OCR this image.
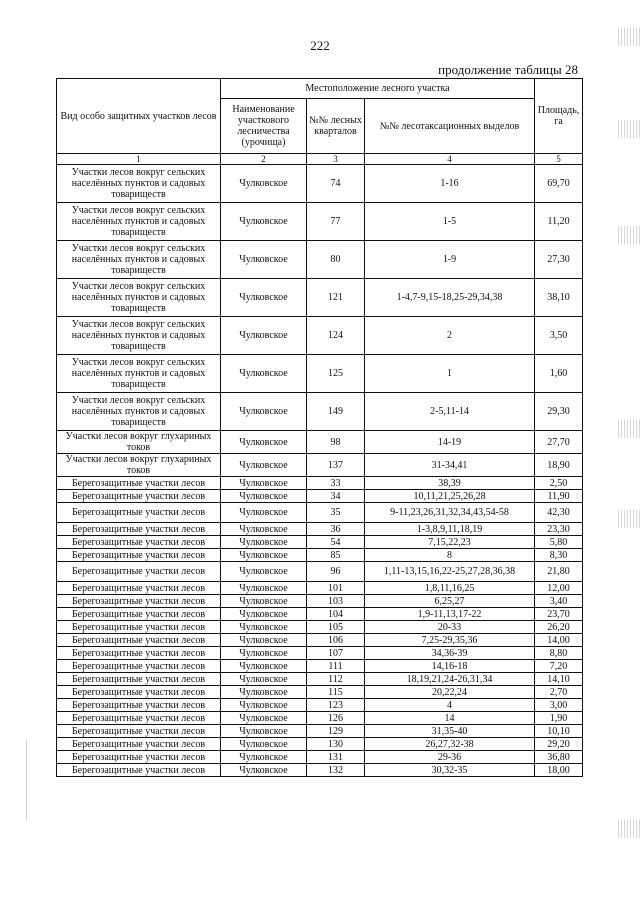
222
продолжение таблицы 28
Вид особо защитных участков лесов	Местоположение лесного участка			Площадь, га
	Наименование участкового лесничества (урочища)	№№ лесных кварталов	№№ лесотаксационных выделов	
1	2	3	4	5
Участки лесов вокруг сельских населённых пунктов и садовых товариществ	Чулковское	74	1-16	69,70
Участки лесов вокруг сельских населённых пунктов и садовых товариществ	Чулковское	77	1-5	11,20
Участки лесов вокруг сельских населённых пунктов и садовых товариществ	Чулковское	80	1-9	27,30
Участки лесов вокруг сельских населённых пунктов и садовых товариществ	Чулковское	121	1-4,7-9,15-18,25-29,34,38	38,10
Участки лесов вокруг сельских населённых пунктов и садовых товариществ	Чулковское	124	2	3,50
Участки лесов вокруг сельских населённых пунктов и садовых товариществ	Чулковское	125	1	1,60
Участки лесов вокруг сельских населённых пунктов и садовых товариществ	Чулковское	149	2-5,11-14	29,30
Участки лесов вокруг глухариных токов	Чулковское	98	14-19	27,70
Участки лесов вокруг глухариных токов	Чулковское	137	31-34,41	18,90
Берегозащитные участки лесов	Чулковское	33	38,39	2,50
Берегозащитные участки лесов	Чулковское	34	10,11,21,25,26,28	11,90
Берегозащитные участки лесов	Чулковское	35	9-11,23,26,31,32,34,43,54-58	42,30
Берегозащитные участки лесов	Чулковское	36	1-3,8,9,11,18,19	23,30
Берегозащитные участки лесов	Чулковское	54	7,15,22,23	5,80
Берегозащитные участки лесов	Чулковское	85	8	8,30
Берегозащитные участки лесов	Чулковское	96	1,11-13,15,16,22-25,27,28,36,38	21,80
Берегозащитные участки лесов	Чулковское	101	1,8,11,16,25	12,00
Берегозащитные участки лесов	Чулковское	103	6,25,27	3,40
Берегозащитные участки лесов	Чулковское	104	1,9-11,13,17-22	23,70
Берегозащитные участки лесов	Чулковское	105	20-33	26,20
Берегозащитные участки лесов	Чулковское	106	7,25-29,35,36	14,00
Берегозащитные участки лесов	Чулковское	107	34,36-39	8,80
Берегозащитные участки лесов	Чулковское	111	14,16-18	7,20
Берегозащитные участки лесов	Чулковское	112	18,19,21,24-26,31,34	14,10
Берегозащитные участки лесов	Чулковское	115	20,22,24	2,70
Берегозащитные участки лесов	Чулковское	123	4	3,00
Берегозащитные участки лесов	Чулковское	126	14	1,90
Берегозащитные участки лесов	Чулковское	129	31,35-40	10,10
Берегозащитные участки лесов	Чулковское	130	26,27,32-38	29,20
Берегозащитные участки лесов	Чулковское	131	29-36	36,80
Берегозащитные участки лесов	Чулковское	132	30,32-35	18,00
